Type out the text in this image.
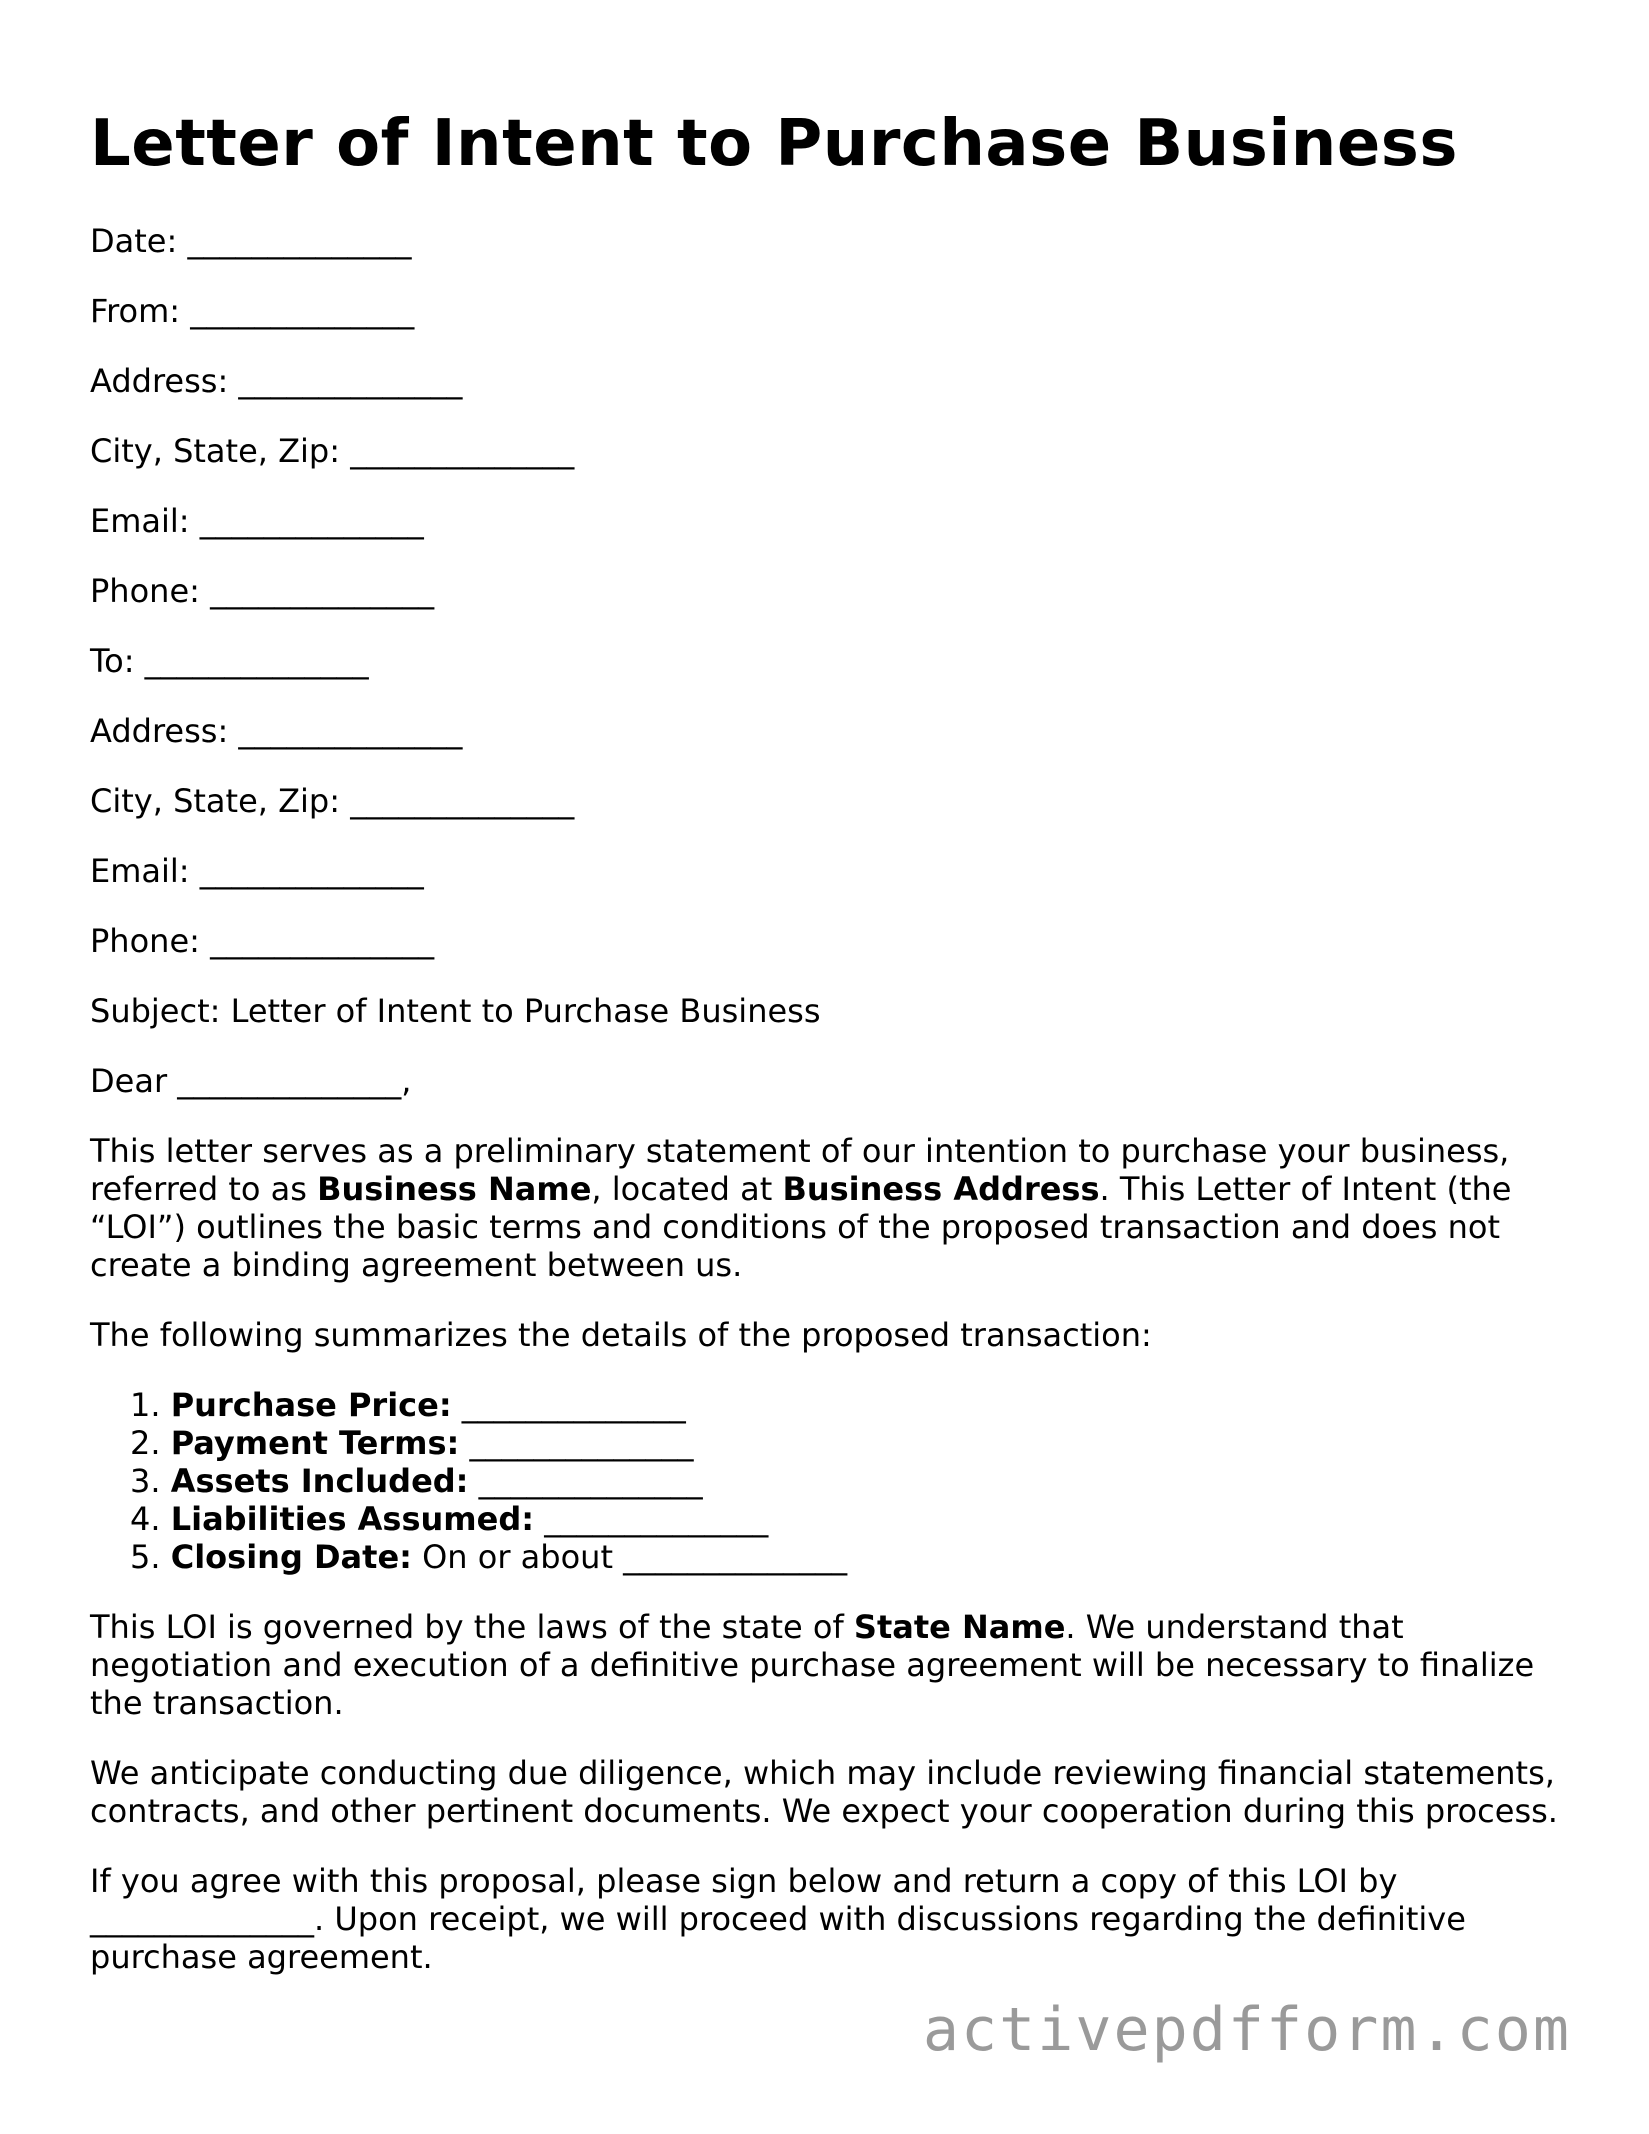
Letter of Intent to Purchase Business
Date: ______________
From: ______________
Address: ______________
City, State, Zip: ______________
Email: ______________
Phone: ______________
To: ______________
Address: ______________
City, State, Zip: ______________
Email: ______________
Phone: ______________
Subject: Letter of Intent to Purchase Business
Dear ______________,

This letter serves as a preliminary statement of our intention to purchase your business, referred to as Business Name, located at Business Address. This Letter of Intent (the “LOI”) outlines the basic terms and conditions of the proposed transaction and does not create a binding agreement between us.

The following summarizes the details of the proposed transaction:

1. Purchase Price: ______________
2. Payment Terms: ______________
3. Assets Included: ______________
4. Liabilities Assumed: ______________
5. Closing Date: On or about ______________

This LOI is governed by the laws of the state of State Name. We understand that negotiation and execution of a definitive purchase agreement will be necessary to finalize the transaction.

We anticipate conducting due diligence, which may include reviewing financial statements, contracts, and other pertinent documents. We expect your cooperation during this process.

If you agree with this proposal, please sign below and return a copy of this LOI by ______________. Upon receipt, we will proceed with discussions regarding the definitive purchase agreement.

activepdfform.com
